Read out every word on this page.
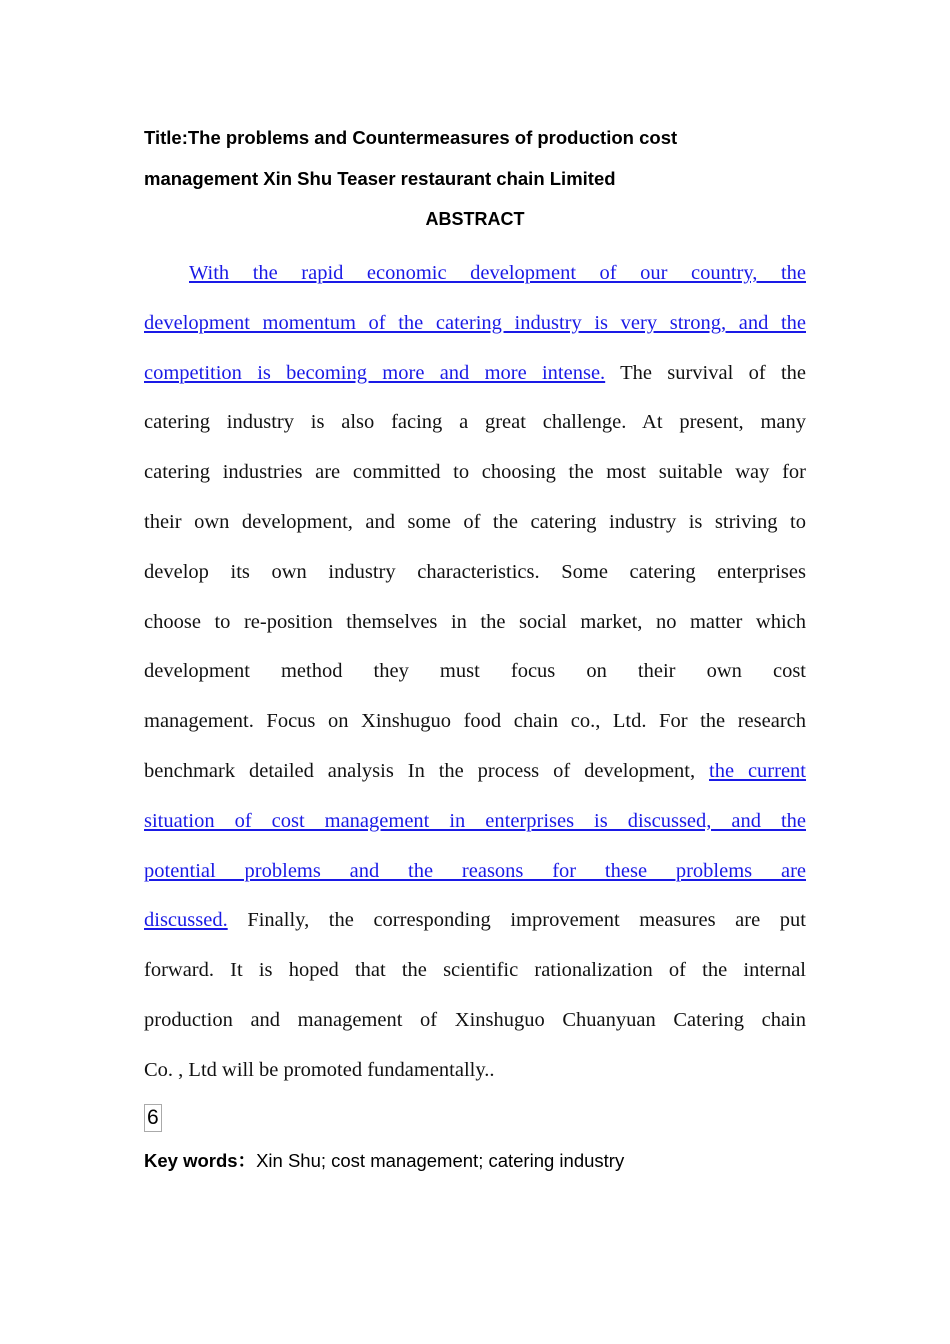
Title:The problems and Countermeasures of production cost
management Xin Shu Teaser restaurant chain Limited
ABSTRACT
With the rapid economic development of our country, the
development momentum of the catering industry is very strong, and the
competition is becoming more and more intense. The survival of the
catering industry is also facing a great challenge. At present, many
catering industries are committed to choosing the most suitable way for
their own development, and some of the catering industry is striving to
develop its own industry characteristics. Some catering enterprises
choose to re-position themselves in the social market, no matter which
development method they must focus on their own cost
management. Focus on Xinshuguo food chain co., Ltd. For the research
benchmark detailed analysis In the process of development, the current
situation of cost management in enterprises is discussed, and the
potential problems and the reasons for these problems are
discussed. Finally, the corresponding improvement measures are put
forward. It is hoped that the scientific rationalization of the internal
production and management of Xinshuguo Chuanyuan Catering chain
Co. , Ltd will be promoted fundamentally..
6
Key words：Xin Shu; cost management; catering industry
